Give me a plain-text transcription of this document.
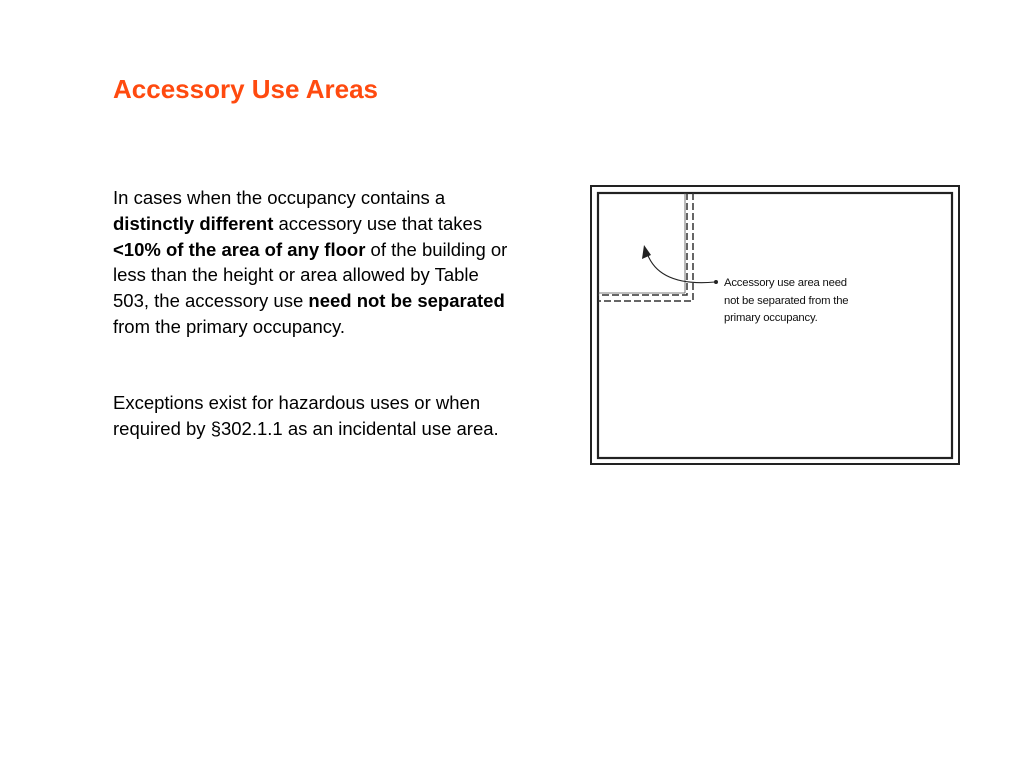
Accessory Use Areas

In cases when the occupancy contains a

distinctly different accessory use that takes

<10% of the area of any floor of the building or

less than the height or area allowed by Table

503, the accessory use need not be separated

from the primary occupancy.

Exceptions exist for hazardous uses or when

required by §302.1.1 as an incidental use area.

Accessory use area need
not be separated from the
primary occupancy.
